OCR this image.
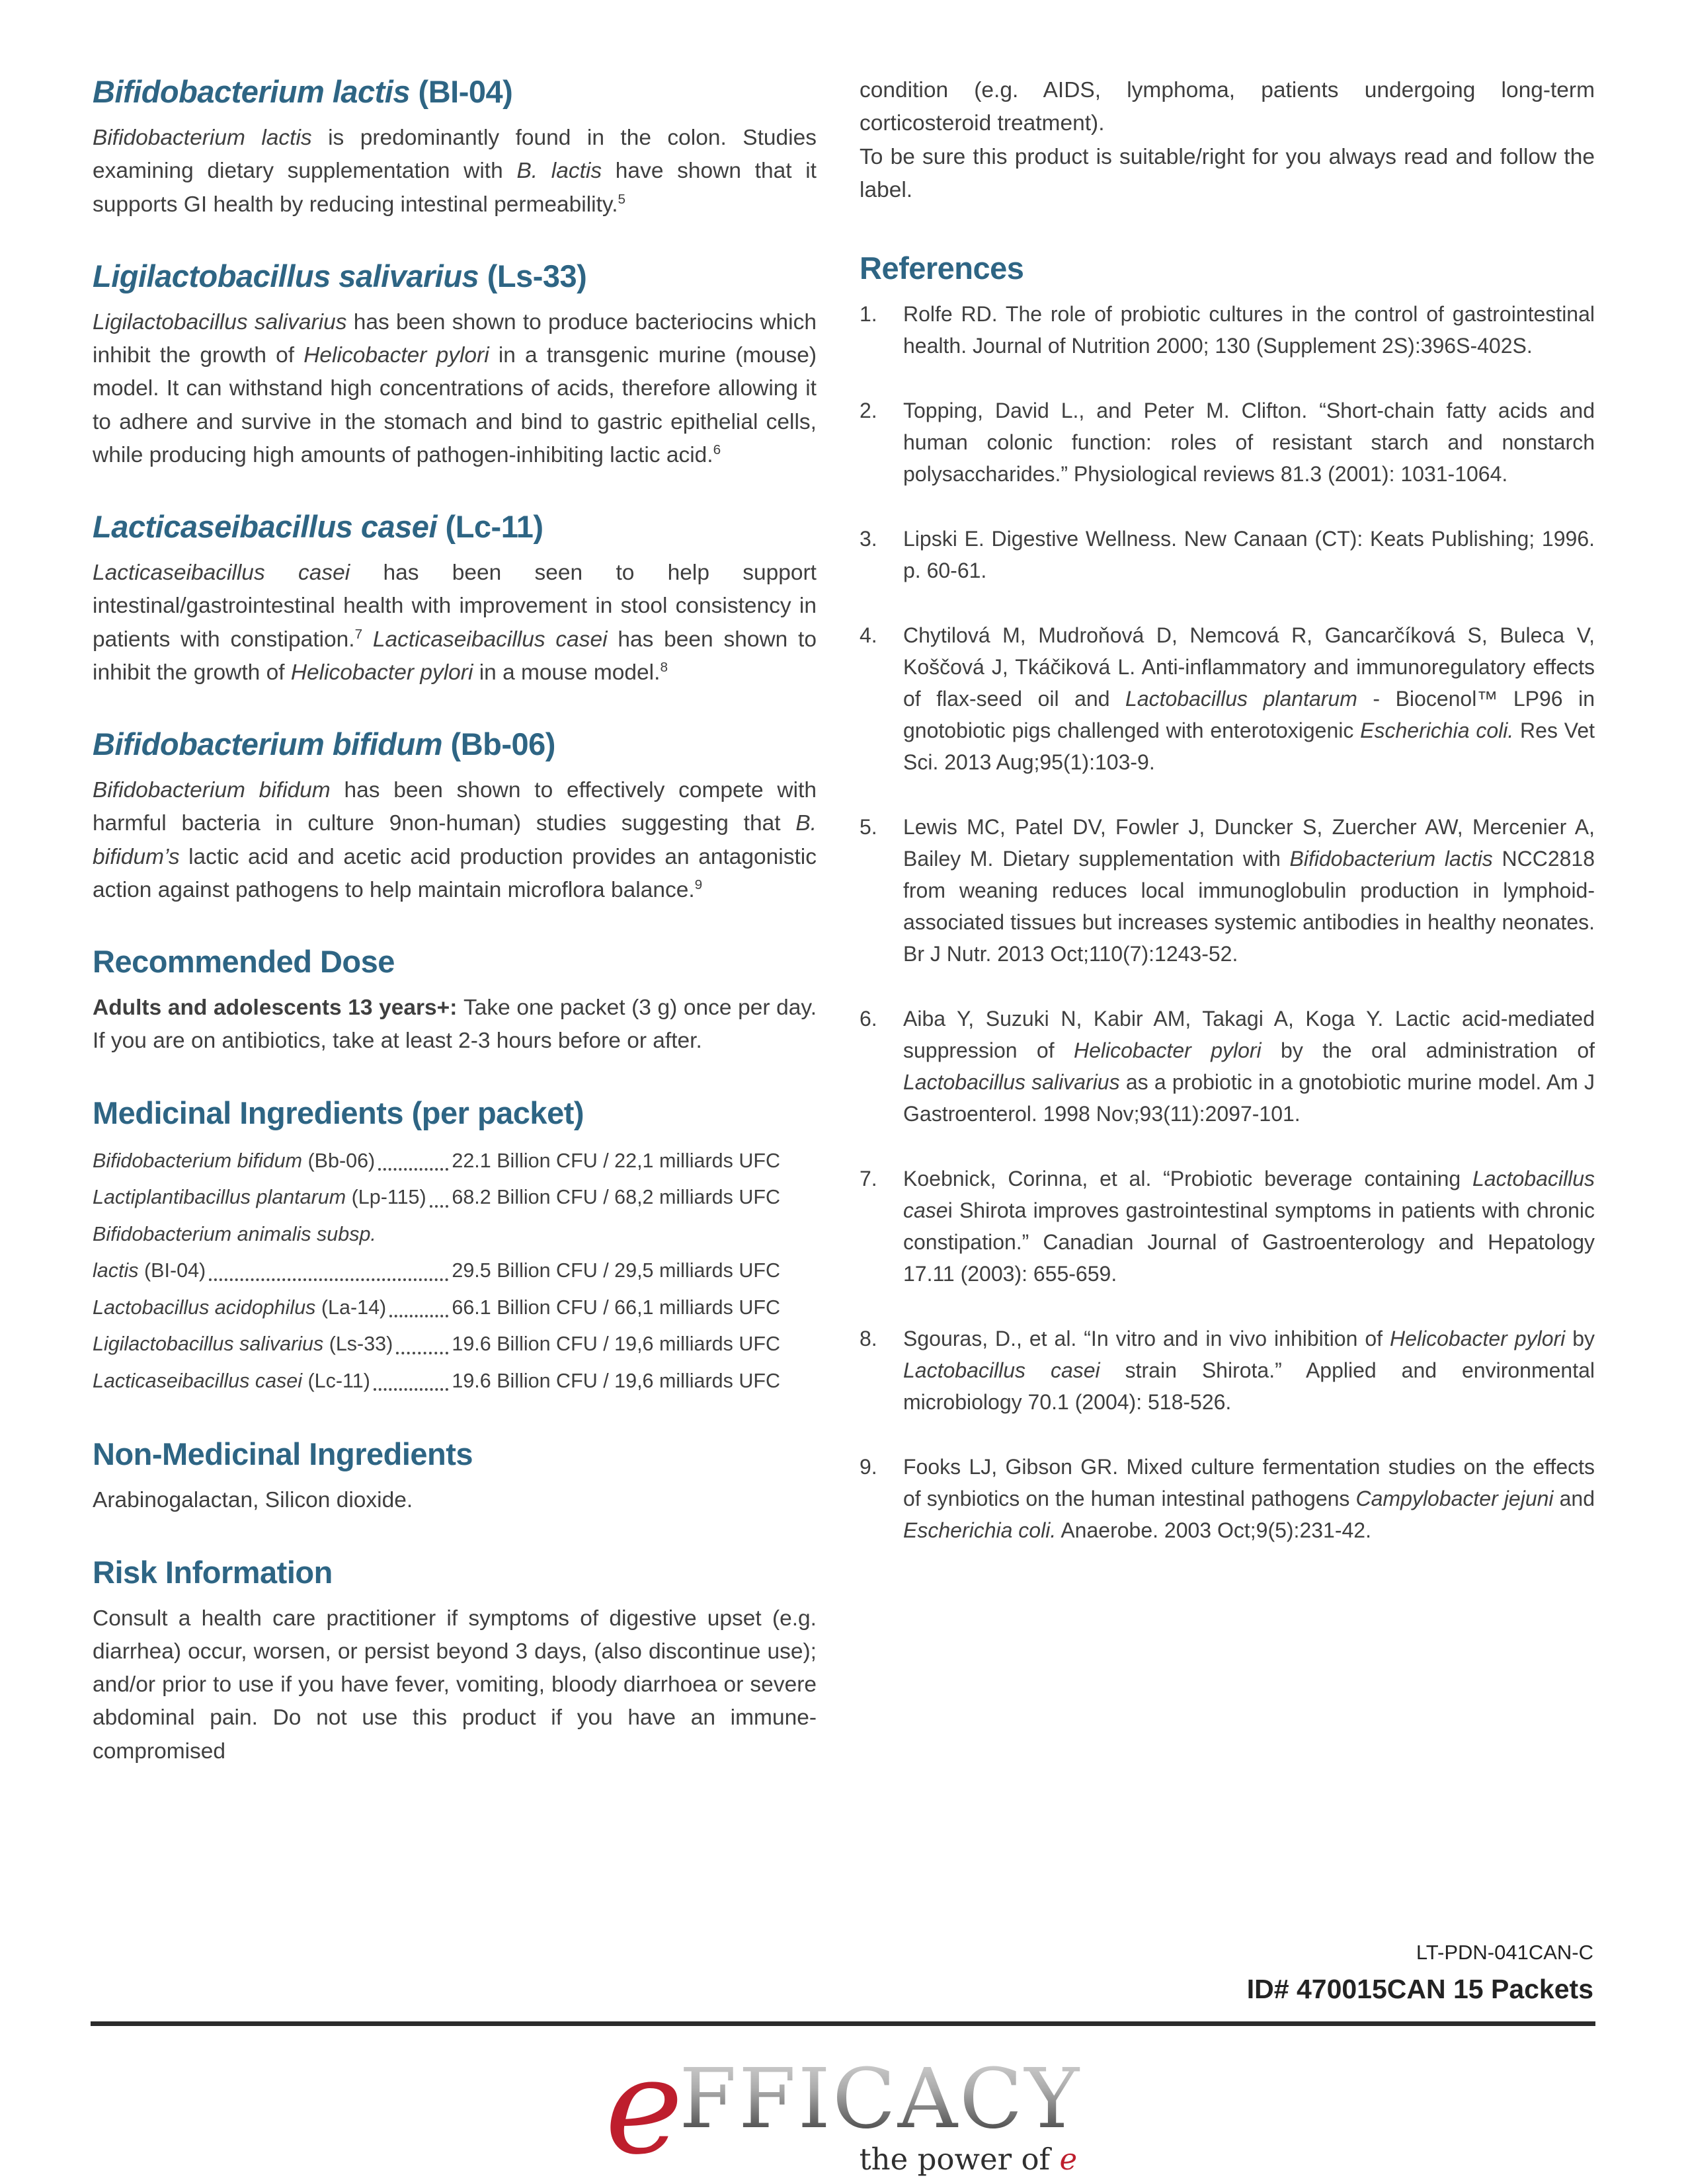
Bifidobacterium lactis (BI-04)

Bifidobacterium lactis is predominantly found in the colon. Studies examining dietary supplementation with B. lactis have shown that it supports GI health by reducing intestinal permeability.$^5$

Ligilactobacillus salivarius (Ls-33)

Ligilactobacillus salivarius has been shown to produce bacteriocins which inhibit the growth of Helicobacter pylori in a transgenic murine (mouse) model. It can withstand high concentrations of acids, therefore allowing it to adhere and survive in the stomach and bind to gastric epithelial cells, while producing high amounts of pathogen-inhibiting lactic acid.$^6$

Lacticaseibacillus casei (Lc-11)

Lacticaseibacillus casei has been seen to help support intestinal/gastrointestinal health with improvement in stool consistency in patients with constipation.$^7$ Lacticaseibacillus casei has been shown to inhibit the growth of Helicobacter pylori in a mouse model.$^8$

Bifidobacterium bifidum (Bb-06)

Bifidobacterium bifidum has been shown to effectively compete with harmful bacteria in culture 9non-human) studies suggesting that B. bifidum’s lactic acid and acetic acid production provides an antagonistic action against pathogens to help maintain microflora balance.$^9$

Recommended Dose

Adults and adolescents 13 years+: Take one packet (3 g) once per day. If you are on antibiotics, take at least 2-3 hours before or after.

Medicinal Ingredients (per packet)
Bifidobacterium bifidum (Bb-06)	22.1 Billion CFU / 22,1 milliards UFC
Lactiplantibacillus plantarum (Lp-115) 68.2 Billion CFU / 68,2 milliards UFC
Bifidobacterium animalis subsp.
lactis (BI-04)	29.5 Billion CFU / 29,5 milliards UFC
Lactobacillus acidophilus (La-14)	66.1 Billion CFU / 66,1 milliards UFC
Ligilactobacillus salivarius (Ls-33)	19.6 Billion CFU / 19,6 milliards UFC
Lacticaseibacillus casei (Lc-11)	19.6 Billion CFU / 19,6 milliards UFC
Non-Medicinal Ingredients

Arabinogalactan, Silicon dioxide.

Risk Information

Consult a health care practitioner if symptoms of digestive upset (e.g. diarrhea) occur, worsen, or persist beyond 3 days, (also discontinue use); and/or prior to use if you have fever, vomiting, bloody diarrhoea or severe abdominal pain. Do not use this product if you have an immune-compromised

condition (e.g. AIDS, lymphoma, patients undergoing long-term corticosteroid treatment).

To be sure this product is suitable/right for you always read and follow the label.

References
1.	Rolfe RD. The role of probiotic cultures in the control of gastrointestinal health. Journal of Nutrition 2000; 130 (Supplement 2S):396S-402S.
2.	Topping, David L., and Peter M. Clifton. “Short-chain fatty acids and human colonic function: roles of resistant starch and nonstarch polysaccharides.” Physiological reviews 81.3 (2001): 1031-1064.
3.	Lipski E. Digestive Wellness. New Canaan (CT): Keats Publishing; 1996. p. 60-61.
4.	Chytilová M, Mudroňová D, Nemcová R, Gancarčíková S, Buleca V, Koščová J, Tkáčiková L. Anti-inflammatory and immunoregulatory effects of flax-seed oil and Lactobacillus plantarum - Biocenol™ LP96 in gnotobiotic pigs challenged with enterotoxigenic Escherichia coli. Res Vet Sci. 2013 Aug;95(1):103-9.
5.	Lewis MC, Patel DV, Fowler J, Duncker S, Zuercher AW, Mercenier A, Bailey M. Dietary supplementation with Bifidobacterium lactis NCC2818 from weaning reduces local immunoglobulin production in lymphoid-associated tissues but increases systemic antibodies in healthy neonates. Br J Nutr. 2013 Oct;110(7):1243-52.
6.	Aiba Y, Suzuki N, Kabir AM, Takagi A, Koga Y. Lactic acid-mediated suppression of Helicobacter pylori by the oral administration of Lactobacillus salivarius as a probiotic in a gnotobiotic murine model. Am J Gastroenterol. 1998 Nov;93(11):2097-101.
7.	Koebnick, Corinna, et al. “Probiotic beverage containing Lactobacillus casei Shirota improves gastrointestinal symptoms in patients with chronic constipation.” Canadian Journal of Gastroenterology and Hepatology 17.11 (2003): 655-659.
8.	Sgouras, D., et al. “In vitro and in vivo inhibition of Helicobacter pylori by Lactobacillus casei strain Shirota.” Applied and environmental microbiology 70.1 (2004): 518-526.
9.	Fooks LJ, Gibson GR. Mixed culture fermentation studies on the effects of synbiotics on the human intestinal pathogens Campylobacter jejuni and Escherichia coli. Anaerobe. 2003 Oct;9(5):231-42.
LT-PDN-041CAN-C
ID# 470015CAN 15 Packets
eFFICACY
the power of e
